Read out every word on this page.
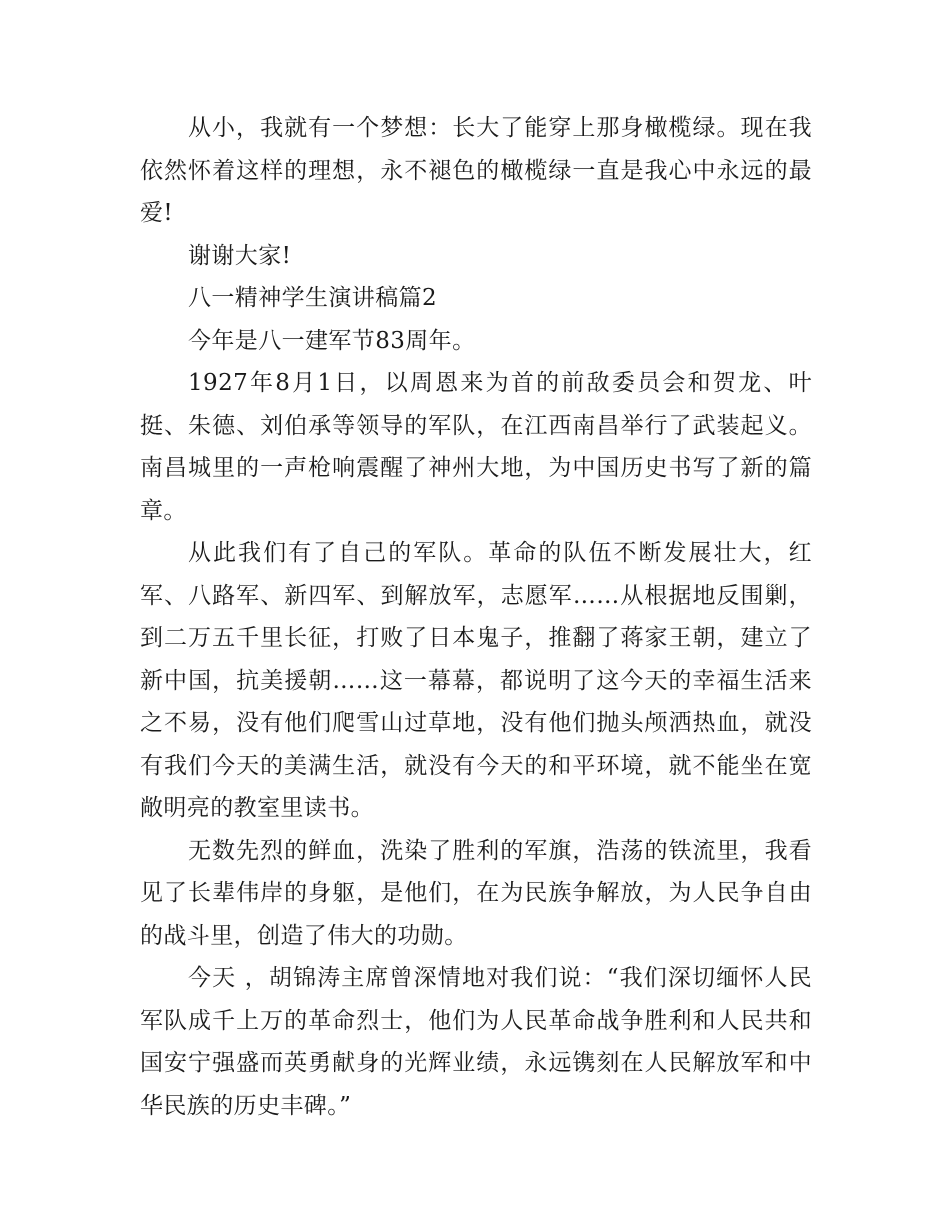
从小，我就有一个梦想：长大了能穿上那身橄榄绿。现在我依然怀着这样的理想，永不褪色的橄榄绿一直是我心中永远的最爱!

谢谢大家!

八一精神学生演讲稿篇2

今年是八一建军节83周年。

1927年8月1日，以周恩来为首的前敌委员会和贺龙、叶挺、朱德、刘伯承等领导的军队，在江西南昌举行了武装起义。南昌城里的一声枪响震醒了神州大地，为中国历史书写了新的篇章。

从此我们有了自己的军队。革命的队伍不断发展壮大，红军、八路军、新四军、到解放军，志愿军……从根据地反围剿，到二万五千里长征，打败了日本鬼子，推翻了蒋家王朝，建立了新中国，抗美援朝……这一幕幕，都说明了这今天的幸福生活来之不易，没有他们爬雪山过草地，没有他们抛头颅洒热血，就没有我们今天的美满生活，就没有今天的和平环境，就不能坐在宽敞明亮的教室里读书。

无数先烈的鲜血，洗染了胜利的军旗，浩荡的铁流里，我看见了长辈伟岸的身躯，是他们，在为民族争解放，为人民争自由的战斗里，创造了伟大的功勋。

今天 ，胡锦涛主席曾深情地对我们说：“我们深切缅怀人民军队成千上万的革命烈士，他们为人民革命战争胜利和人民共和国安宁强盛而英勇献身的光辉业绩，永远镌刻在人民解放军和中华民族的历史丰碑。”
